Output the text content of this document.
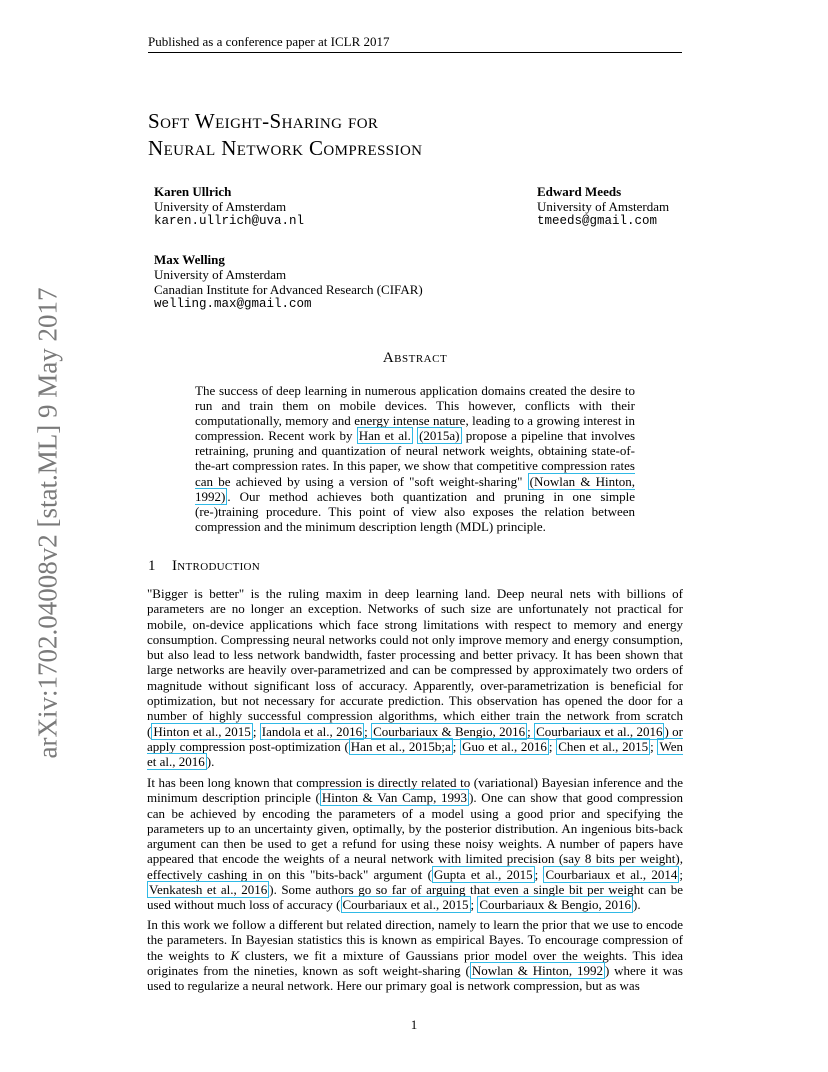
Published as a conference paper at ICLR 2017
arXiv:1702.04008v2 [stat.ML] 9 May 2017
Soft Weight-Sharing for
Neural Network Compression
Karen Ullrich
University of Amsterdam
karen.ullrich@uva.nl
Edward Meeds
University of Amsterdam
tmeeds@gmail.com
Max Welling
University of Amsterdam
Canadian Institute for Advanced Research (CIFAR)
welling.max@gmail.com
Abstract
The success of deep learning in numerous application domains created the desire to run and train them on mobile devices. This however, conflicts with their computationally, memory and energy intense nature, leading to a growing interest in compression. Recent work by Han et al. (2015a) propose a pipeline that involves retraining, pruning and quantization of neural network weights, obtaining state-of-the-art compression rates. In this paper, we show that competitive compression rates can be achieved by using a version of "soft weight-sharing" (Nowlan & Hinton, 1992) . Our method achieves both quantization and pruning in one simple (re-)training procedure. This point of view also exposes the relation between compression and the minimum description length (MDL) principle.
1 Introduction
"Bigger is better" is the ruling maxim in deep learning land. Deep neural nets with billions of parameters are no longer an exception. Networks of such size are unfortunately not practical for mobile, on-device applications which face strong limitations with respect to memory and energy consumption. Compressing neural networks could not only improve memory and energy consumption, but also lead to less network bandwidth, faster processing and better privacy. It has been shown that large networks are heavily over-parametrized and can be compressed by approximately two orders of magnitude without significant loss of accuracy. Apparently, over-parametrization is beneficial for optimization, but not necessary for accurate prediction. This observation has opened the door for a number of highly successful compression algorithms, which either train the network from scratch ( Hinton et al., 2015 ; Iandola et al., 2016 ; Courbariaux & Bengio, 2016 ; Courbariaux et al., 2016 ) or apply compression post-optimization ( Han et al., 2015b;a ; Guo et al., 2016 ; Chen et al., 2015 ; Wen et al., 2016 ).
It has been long known that compression is directly related to (variational) Bayesian inference and the minimum description principle ( Hinton & Van Camp, 1993 ). One can show that good compression can be achieved by encoding the parameters of a model using a good prior and specifying the parameters up to an uncertainty given, optimally, by the posterior distribution. An ingenious bits-back argument can then be used to get a refund for using these noisy weights. A number of papers have appeared that encode the weights of a neural network with limited precision (say 8 bits per weight), effectively cashing in on this "bits-back" argument ( Gupta et al., 2015 ; Courbariaux et al., 2014 ; Venkatesh et al., 2016 ). Some authors go so far of arguing that even a single bit per weight can be used without much loss of accuracy ( Courbariaux et al., 2015 ; Courbariaux & Bengio, 2016 ).
In this work we follow a different but related direction, namely to learn the prior that we use to encode the parameters. In Bayesian statistics this is known as empirical Bayes. To encourage compression of the weights to K clusters, we fit a mixture of Gaussians prior model over the weights. This idea originates from the nineties, known as soft weight-sharing ( Nowlan & Hinton, 1992 ) where it was used to regularize a neural network. Here our primary goal is network compression, but as was
1
